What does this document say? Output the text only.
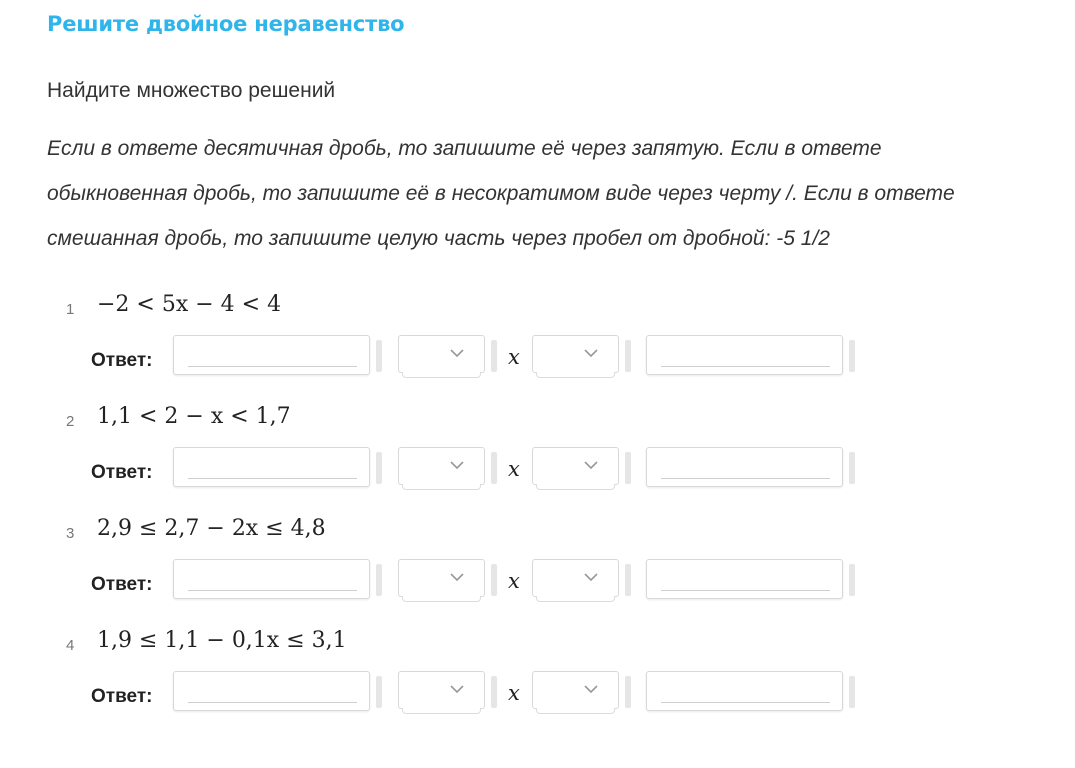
Решите двойное неравенство
Найдите множество решений
Если в ответе десятичная дробь, то запишите её через запятую. Если в ответе
обыкновенная дробь, то запишите её в несократимом виде через черту /. Если в ответе
смешанная дробь, то запишите целую часть через пробел от дробной: -5 1/2
1 −2 < 5x − 4 < 4
Ответ:	x
2 1,1 < 2 − x < 1,7
Ответ:	x
3 2,9 ≤ 2,7 − 2x ≤ 4,8
Ответ:	x
4 1,9 ≤ 1,1 − 0,1x ≤ 3,1
Ответ:	x
